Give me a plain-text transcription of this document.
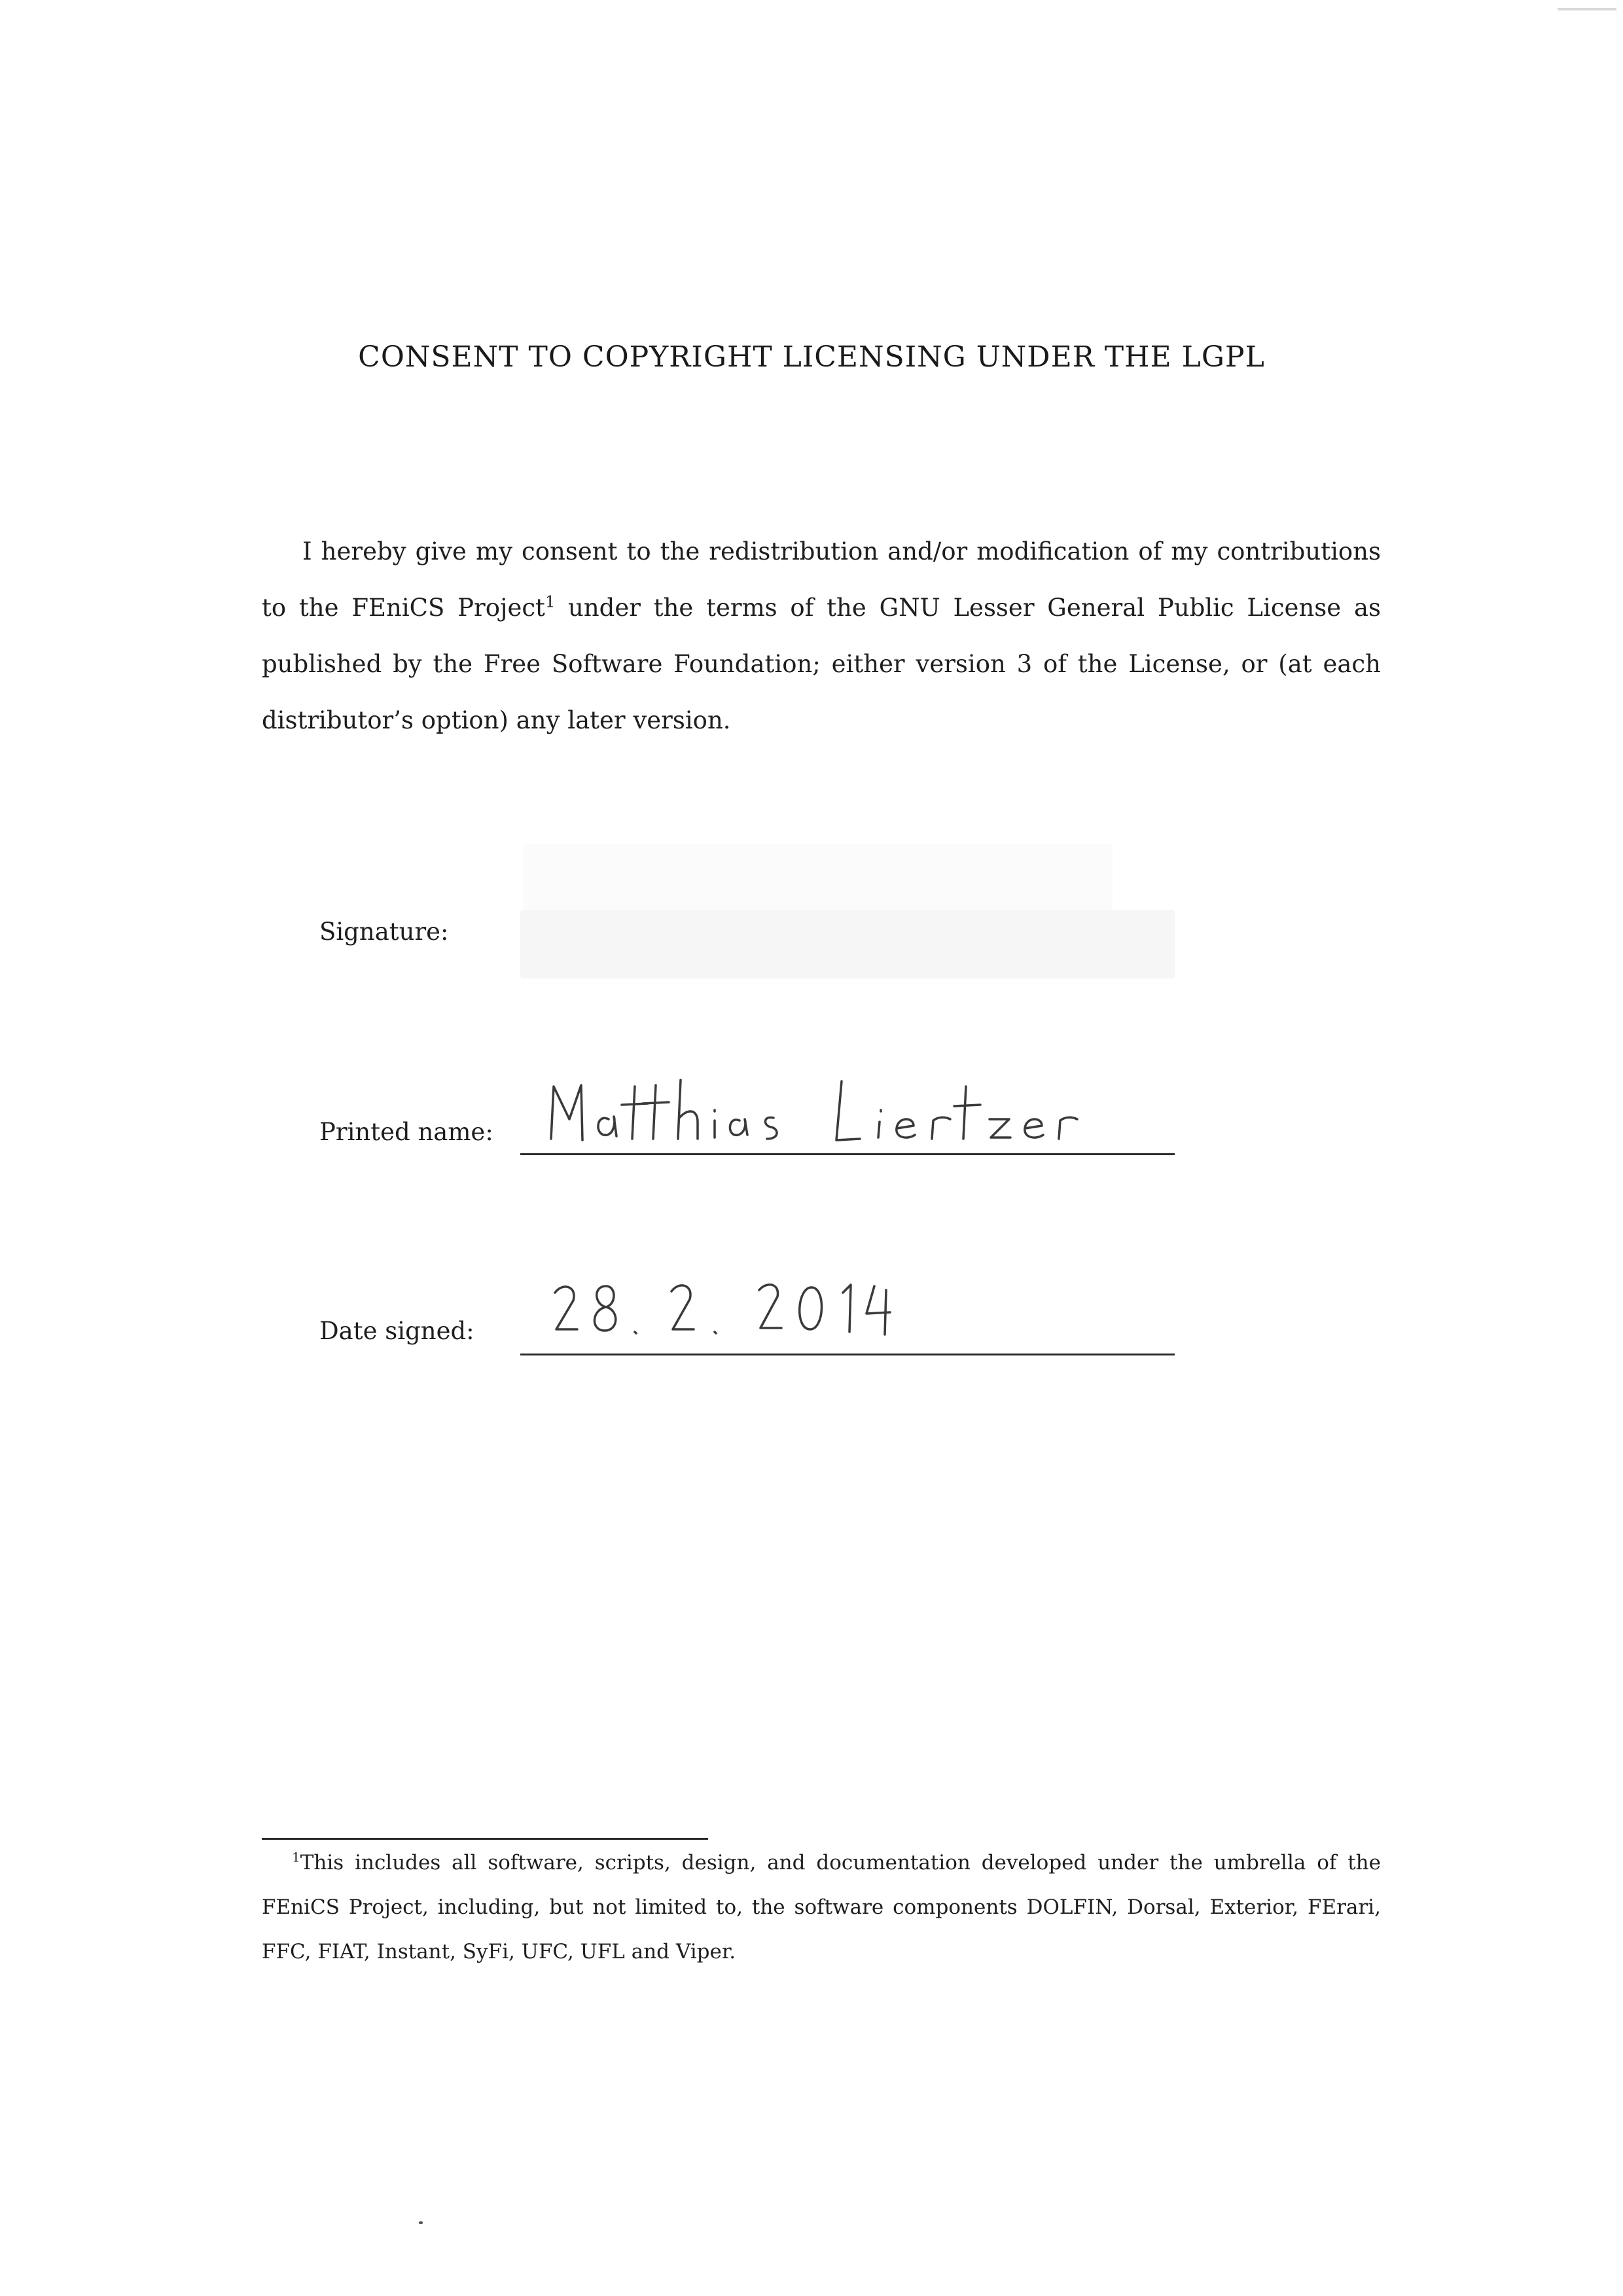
CONSENT TO COPYRIGHT LICENSING UNDER THE LGPL

I hereby give my consent to the redistribution and/or modification of my contributions to the FEniCS Project$^1$ under the terms of the GNU Lesser General Public License as published by the Free Software Foundation; either version 3 of the License, or (at each distributor’s option) any later version.

Signature:
Printed name:
Date signed:

$^1$This includes all software, scripts, design, and documentation developed under the umbrella of the FEniCS Project, including, but not limited to, the software components DOLFIN, Dorsal, Exterior, FErari, FFC, FIAT, Instant, SyFi, UFC, UFL and Viper.
